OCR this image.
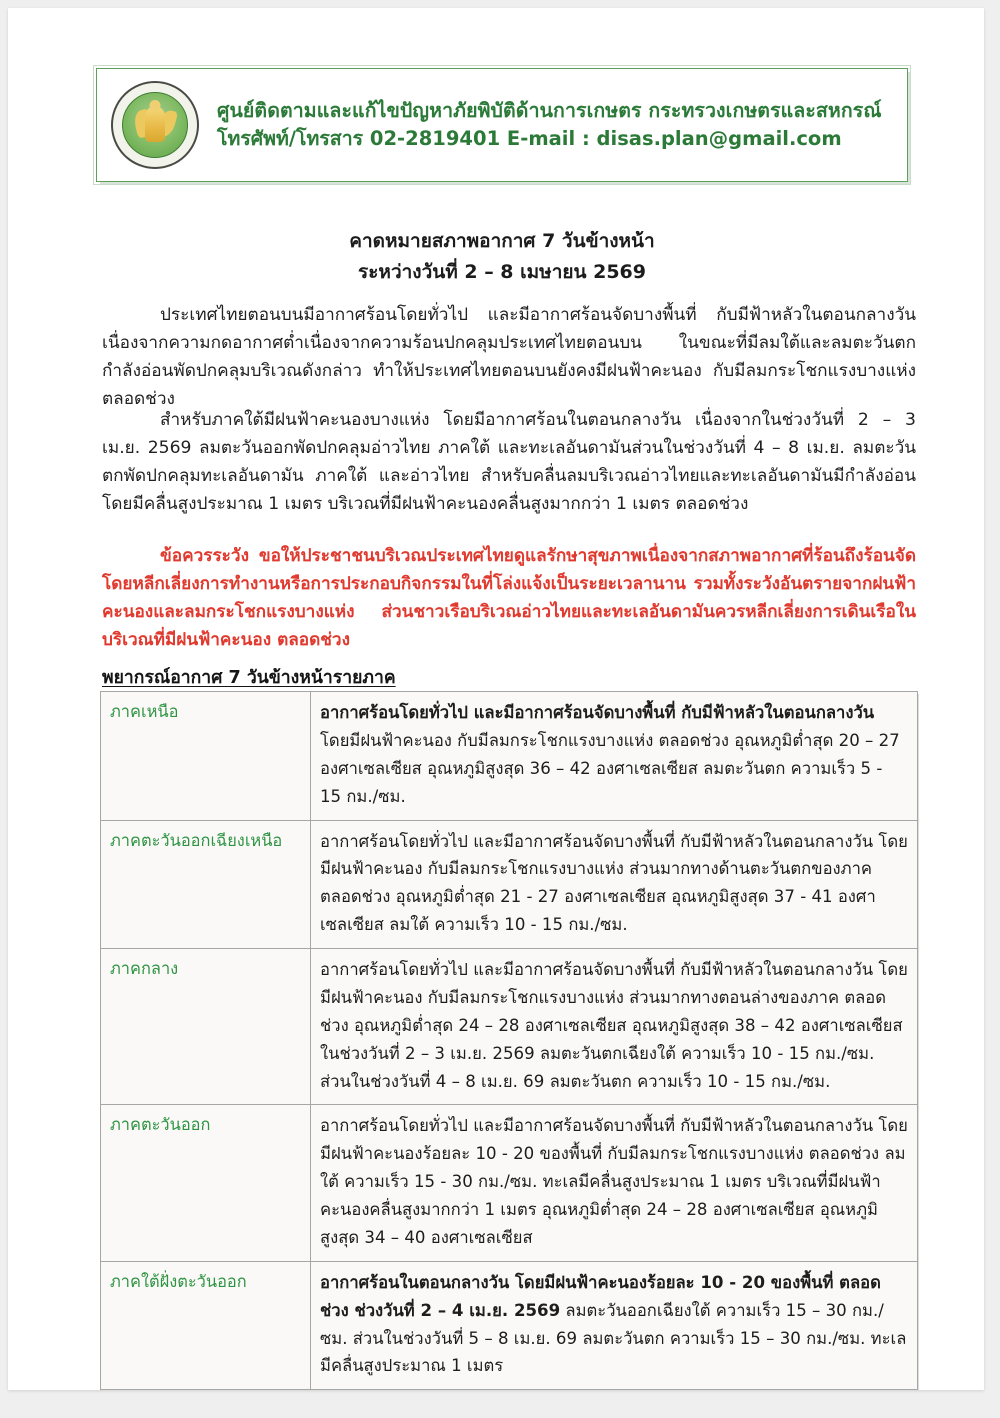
ศูนย์ติดตามและแก้ไขปัญหาภัยพิบัติด้านการเกษตร กระทรวงเกษตรและสหกรณ์
โทรศัพท์/โทรสาร 02-2819401 E-mail : disas.plan@gmail.com
คาดหมายสภาพอากาศ 7 วันข้างหน้า
ระหว่างวันที่ 2 – 8 เมษายน 2569
ประเทศไทยตอนบนมีอากาศร้อนโดยทั่วไป และมีอากาศร้อนจัดบางพื้นที่ กับมีฟ้าหลัวในตอนกลางวัน เนื่องจากความกดอากาศต่ำเนื่องจากความร้อนปกคลุมประเทศไทยตอนบน ในขณะที่มีลมใต้และลมตะวันตกกำลังอ่อนพัดปกคลุมบริเวณดังกล่าว ทำให้ประเทศไทยตอนบนยังคงมีฝนฟ้าคะนอง กับมีลมกระโชกแรงบางแห่ง ตลอดช่วง
สำหรับภาคใต้มีฝนฟ้าคะนองบางแห่ง โดยมีอากาศร้อนในตอนกลางวัน เนื่องจากในช่วงวันที่ 2 – 3 เม.ย. 2569 ลมตะวันออกพัดปกคลุมอ่าวไทย ภาคใต้ และทะเลอันดามันส่วนในช่วงวันที่ 4 – 8 เม.ย. ลมตะวันตกพัดปกคลุมทะเลอันดามัน ภาคใต้ และอ่าวไทย สำหรับคลื่นลมบริเวณอ่าวไทยและทะเลอันดามันมีกำลังอ่อน โดยมีคลื่นสูงประมาณ 1 เมตร บริเวณที่มีฝนฟ้าคะนองคลื่นสูงมากกว่า 1 เมตร ตลอดช่วง
ข้อควรระวัง ขอให้ประชาชนบริเวณประเทศไทยดูแลรักษาสุขภาพเนื่องจากสภาพอากาศที่ร้อนถึงร้อนจัด โดยหลีกเลี่ยงการทำงานหรือการประกอบกิจกรรมในที่โล่งแจ้งเป็นระยะเวลานาน รวมทั้งระวังอันตรายจากฝนฟ้าคะนองและลมกระโชกแรงบางแห่ง ส่วนชาวเรือบริเวณอ่าวไทยและทะเลอันดามันควรหลีกเลี่ยงการเดินเรือในบริเวณที่มีฝนฟ้าคะนอง ตลอดช่วง
พยากรณ์อากาศ 7 วันข้างหน้ารายภาค
ภาคเหนือ	อากาศร้อนโดยทั่วไป และมีอากาศร้อนจัดบางพื้นที่ กับมีฟ้าหลัวในตอนกลางวัน โดยมีฝนฟ้าคะนอง กับมีลมกระโชกแรงบางแห่ง ตลอดช่วง อุณหภูมิต่ำสุด 20 – 27 องศาเซลเซียส อุณหภูมิสูงสุด 36 – 42 องศาเซลเซียส ลมตะวันตก ความเร็ว 5 - 15 กม./ซม.
ภาคตะวันออกเฉียงเหนือ	อากาศร้อนโดยทั่วไป และมีอากาศร้อนจัดบางพื้นที่ กับมีฟ้าหลัวในตอนกลางวัน โดยมีฝนฟ้าคะนอง กับมีลมกระโชกแรงบางแห่ง ส่วนมากทางด้านตะวันตกของภาค ตลอดช่วง อุณหภูมิต่ำสุด 21 - 27 องศาเซลเซียส อุณหภูมิสูงสุด 37 - 41 องศาเซลเซียส ลมใต้ ความเร็ว 10 - 15 กม./ซม.
ภาคกลาง	อากาศร้อนโดยทั่วไป และมีอากาศร้อนจัดบางพื้นที่ กับมีฟ้าหลัวในตอนกลางวัน โดยมีฝนฟ้าคะนอง กับมีลมกระโชกแรงบางแห่ง ส่วนมากทางตอนล่างของภาค ตลอดช่วง อุณหภูมิต่ำสุด 24 – 28 องศาเซลเซียส อุณหภูมิสูงสุด 38 – 42 องศาเซลเซียส ในช่วงวันที่ 2 – 3 เม.ย. 2569 ลมตะวันตกเฉียงใต้ ความเร็ว 10 - 15 กม./ซม. ส่วนในช่วงวันที่ 4 – 8 เม.ย. 69 ลมตะวันตก ความเร็ว 10 - 15 กม./ซม.
ภาคตะวันออก	อากาศร้อนโดยทั่วไป และมีอากาศร้อนจัดบางพื้นที่ กับมีฟ้าหลัวในตอนกลางวัน โดยมีฝนฟ้าคะนองร้อยละ 10 - 20 ของพื้นที่ กับมีลมกระโชกแรงบางแห่ง ตลอดช่วง ลมใต้ ความเร็ว 15 - 30 กม./ซม. ทะเลมีคลื่นสูงประมาณ 1 เมตร บริเวณที่มีฝนฟ้าคะนองคลื่นสูงมากกว่า 1 เมตร อุณหภูมิต่ำสุด 24 – 28 องศาเซลเซียส อุณหภูมิสูงสุด 34 – 40 องศาเซลเซียส
ภาคใต้ฝั่งตะวันออก	อากาศร้อนในตอนกลางวัน โดยมีฝนฟ้าคะนองร้อยละ 10 - 20 ของพื้นที่ ตลอดช่วง ช่วงวันที่ 2 – 4 เม.ย. 2569 ลมตะวันออกเฉียงใต้ ความเร็ว 15 – 30 กม./ซม. ส่วนในช่วงวันที่ 5 – 8 เม.ย. 69 ลมตะวันตก ความเร็ว 15 – 30 กม./ซม. ทะเลมีคลื่นสูงประมาณ 1 เมตร
